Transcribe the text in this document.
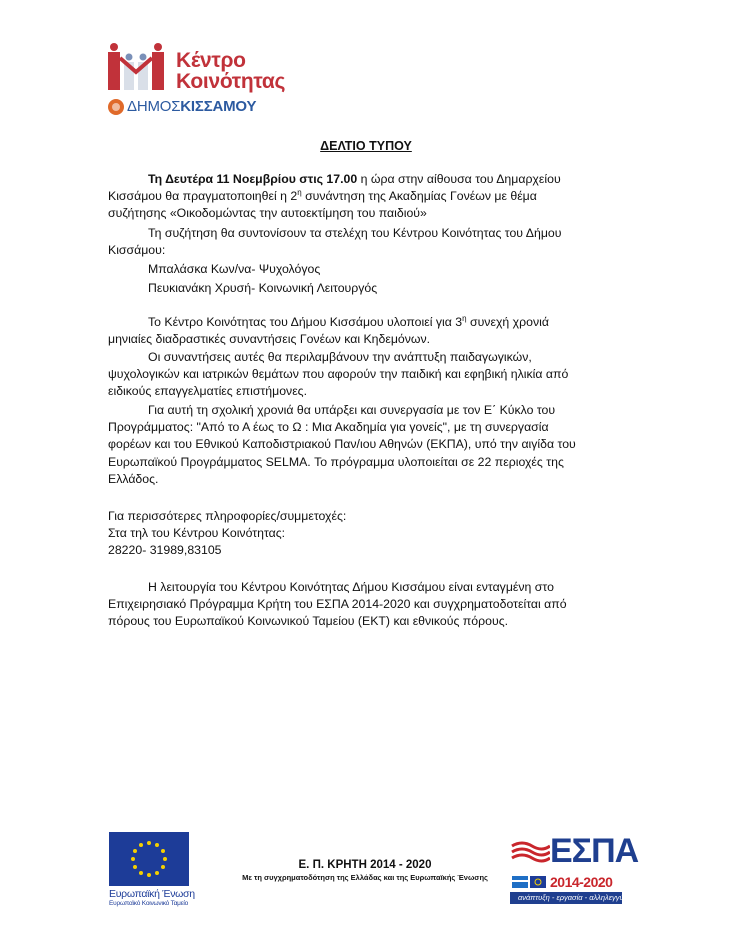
Κέντρο
Κοινότητας
ΔΗΜΟΣΚΙΣΣΑΜΟΥ
ΔΕΛΤΙΟ ΤΥΠΟΥ
Τη Δευτέρα 11 Νοεμβρίου στις 17.00 η ώρα στην αίθουσα του Δημαρχείου
Κισσάμου θα πραγματοποιηθεί η $2^\eta$ συνάντηση της Ακαδημίας Γονέων με θέμα
συζήτησης «Οικοδομώντας την αυτοεκτίμηση του παιδιού»
Τη συζήτηση θα συντονίσουν τα στελέχη του Κέντρου Κοινότητας του Δήμου
Κισσάμου:
Μπαλάσκα Κων/να- Ψυχολόγος
Πευκιανάκη Χρυσή- Κοινωνική Λειτουργός
Το Κέντρο Κοινότητας του Δήμου Κισσάμου υλοποιεί για $3^\eta$ συνεχή χρονιά
μηνιαίες διαδραστικές συναντήσεις Γονέων και Κηδεμόνων.
Οι συναντήσεις αυτές θα περιλαμβάνουν την ανάπτυξη παιδαγωγικών,
ψυχολογικών και ιατρικών θεμάτων που αφορούν την παιδική και εφηβική ηλικία από
ειδικούς επαγγελματίες επιστήμονες.
Για αυτή τη σχολική χρονιά θα υπάρξει και συνεργασία με τον Ε΄ Κύκλο του
Προγράμματος: "Από το Α έως το Ω : Μια Ακαδημία για γονείς", με τη συνεργασία
φορέων και του Εθνικού Καποδιστριακού Παν/ιου Αθηνών (ΕΚΠΑ), υπό την αιγίδα του
Ευρωπαϊκού Προγράμματος SELMA. Το πρόγραμμα υλοποιείται σε 22 περιοχές της
Ελλάδος.
Για περισσότερες πληροφορίες/συμμετοχές:
Στα τηλ του Κέντρου Κοινότητας:
28220- 31989,83105
Η λειτουργία του Κέντρου Κοινότητας Δήμου Κισσάμου είναι ενταγμένη στο
Επιχειρησιακό Πρόγραμμα Κρήτη του ΕΣΠΑ 2014-2020 και συγχρηματοδοτείται από
πόρους του Ευρωπαϊκού Κοινωνικού Ταμείου (ΕΚΤ) και εθνικούς πόρους.
Ευρωπαϊκή Ένωση
Ευρωπαϊκό Κοινωνικό Ταμείο
Ε. Π. ΚΡΗΤΗ 2014 - 2020
Με τη συγχρηματοδότηση της Ελλάδας και της Ευρωπαϊκής Ένωσης
ΕΣΠΑ
2014-2020
ανάπτυξη - εργασία - αλληλεγγύη
